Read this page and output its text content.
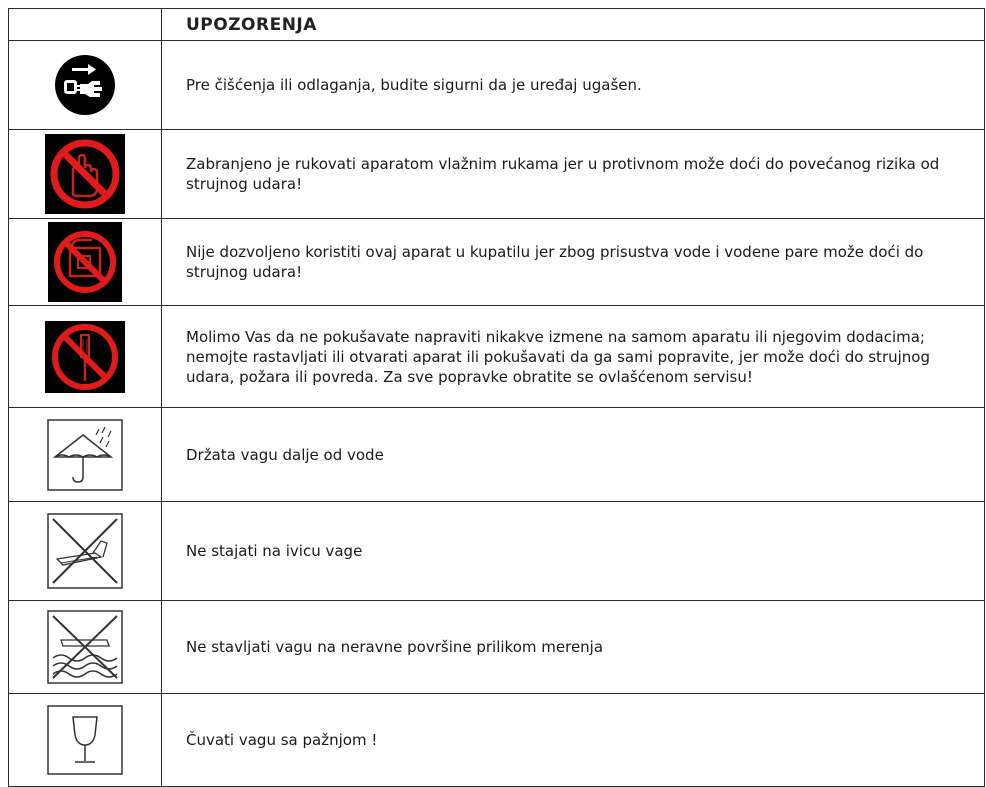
	UPOZORENJA

	Pre čišćenja ili odlaganja, budite sigurni da je uređaj ugašen.

	Zabranjeno je rukovati aparatom vlažnim rukama jer u protivnom može doći do povećanog rizika od strujnog udara!

	Nije dozvoljeno koristiti ovaj aparat u kupatilu jer zbog prisustva vode i vodene pare može doći do strujnog udara!

	Molimo Vas da ne pokušavate napraviti nikakve izmene na samom aparatu ili njegovim dodacima; nemojte rastavljati ili otvarati aparat ili pokušavati da ga sami popravite, jer može doći do strujnog udara, požara ili povreda. Za sve popravke obratite se ovlašćenom servisu!

	Držata vagu dalje od vode

	Ne stajati na ivicu vage

	Ne stavljati vagu na neravne površine prilikom merenja

	Čuvati vagu sa pažnjom !
